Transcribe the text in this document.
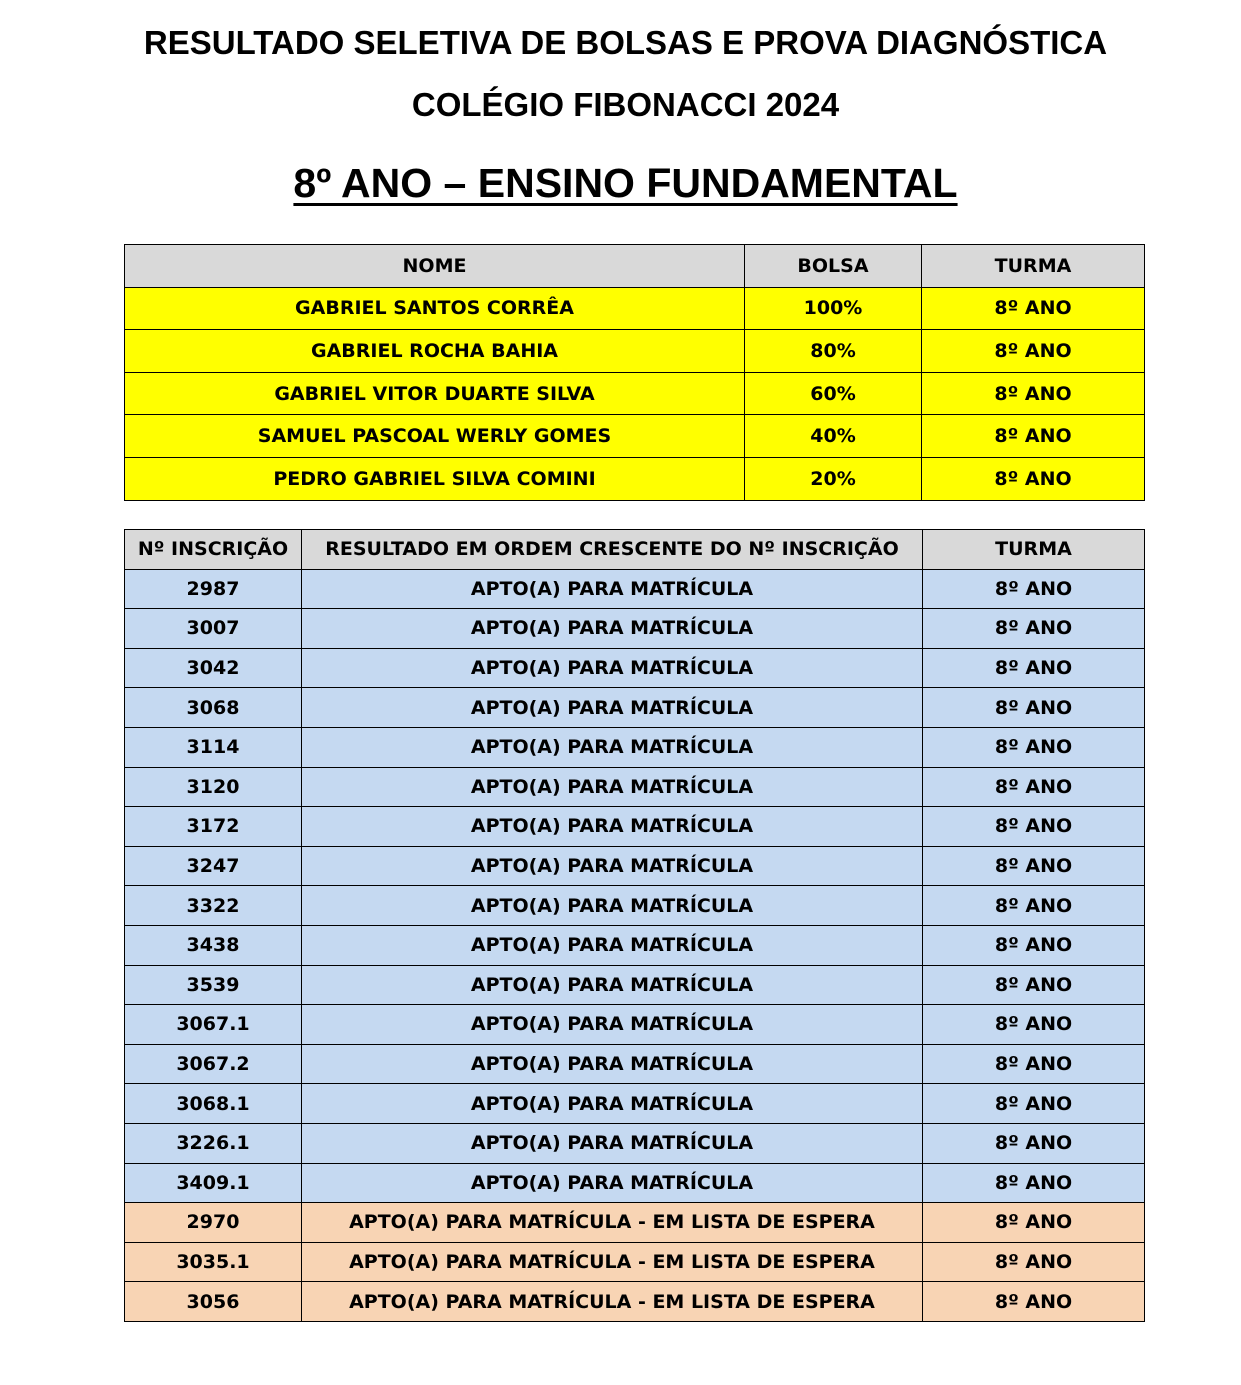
RESULTADO SELETIVA DE BOLSAS E PROVA DIAGNÓSTICA
COLÉGIO FIBONACCI 2024
8º ANO – ENSINO FUNDAMENTAL
NOME	BOLSA	TURMA
GABRIEL SANTOS CORRÊA	100%	8º ANO
GABRIEL ROCHA BAHIA	80%	8º ANO
GABRIEL VITOR DUARTE SILVA	60%	8º ANO
SAMUEL PASCOAL WERLY GOMES	40%	8º ANO
PEDRO GABRIEL SILVA COMINI	20%	8º ANO
Nº INSCRIÇÃO	RESULTADO EM ORDEM CRESCENTE DO Nº INSCRIÇÃO	TURMA
2987	APTO(A) PARA MATRÍCULA	8º ANO
3007	APTO(A) PARA MATRÍCULA	8º ANO
3042	APTO(A) PARA MATRÍCULA	8º ANO
3068	APTO(A) PARA MATRÍCULA	8º ANO
3114	APTO(A) PARA MATRÍCULA	8º ANO
3120	APTO(A) PARA MATRÍCULA	8º ANO
3172	APTO(A) PARA MATRÍCULA	8º ANO
3247	APTO(A) PARA MATRÍCULA	8º ANO
3322	APTO(A) PARA MATRÍCULA	8º ANO
3438	APTO(A) PARA MATRÍCULA	8º ANO
3539	APTO(A) PARA MATRÍCULA	8º ANO
3067.1	APTO(A) PARA MATRÍCULA	8º ANO
3067.2	APTO(A) PARA MATRÍCULA	8º ANO
3068.1	APTO(A) PARA MATRÍCULA	8º ANO
3226.1	APTO(A) PARA MATRÍCULA	8º ANO
3409.1	APTO(A) PARA MATRÍCULA	8º ANO
2970	APTO(A) PARA MATRÍCULA - EM LISTA DE ESPERA	8º ANO
3035.1	APTO(A) PARA MATRÍCULA - EM LISTA DE ESPERA	8º ANO
3056	APTO(A) PARA MATRÍCULA - EM LISTA DE ESPERA	8º ANO
